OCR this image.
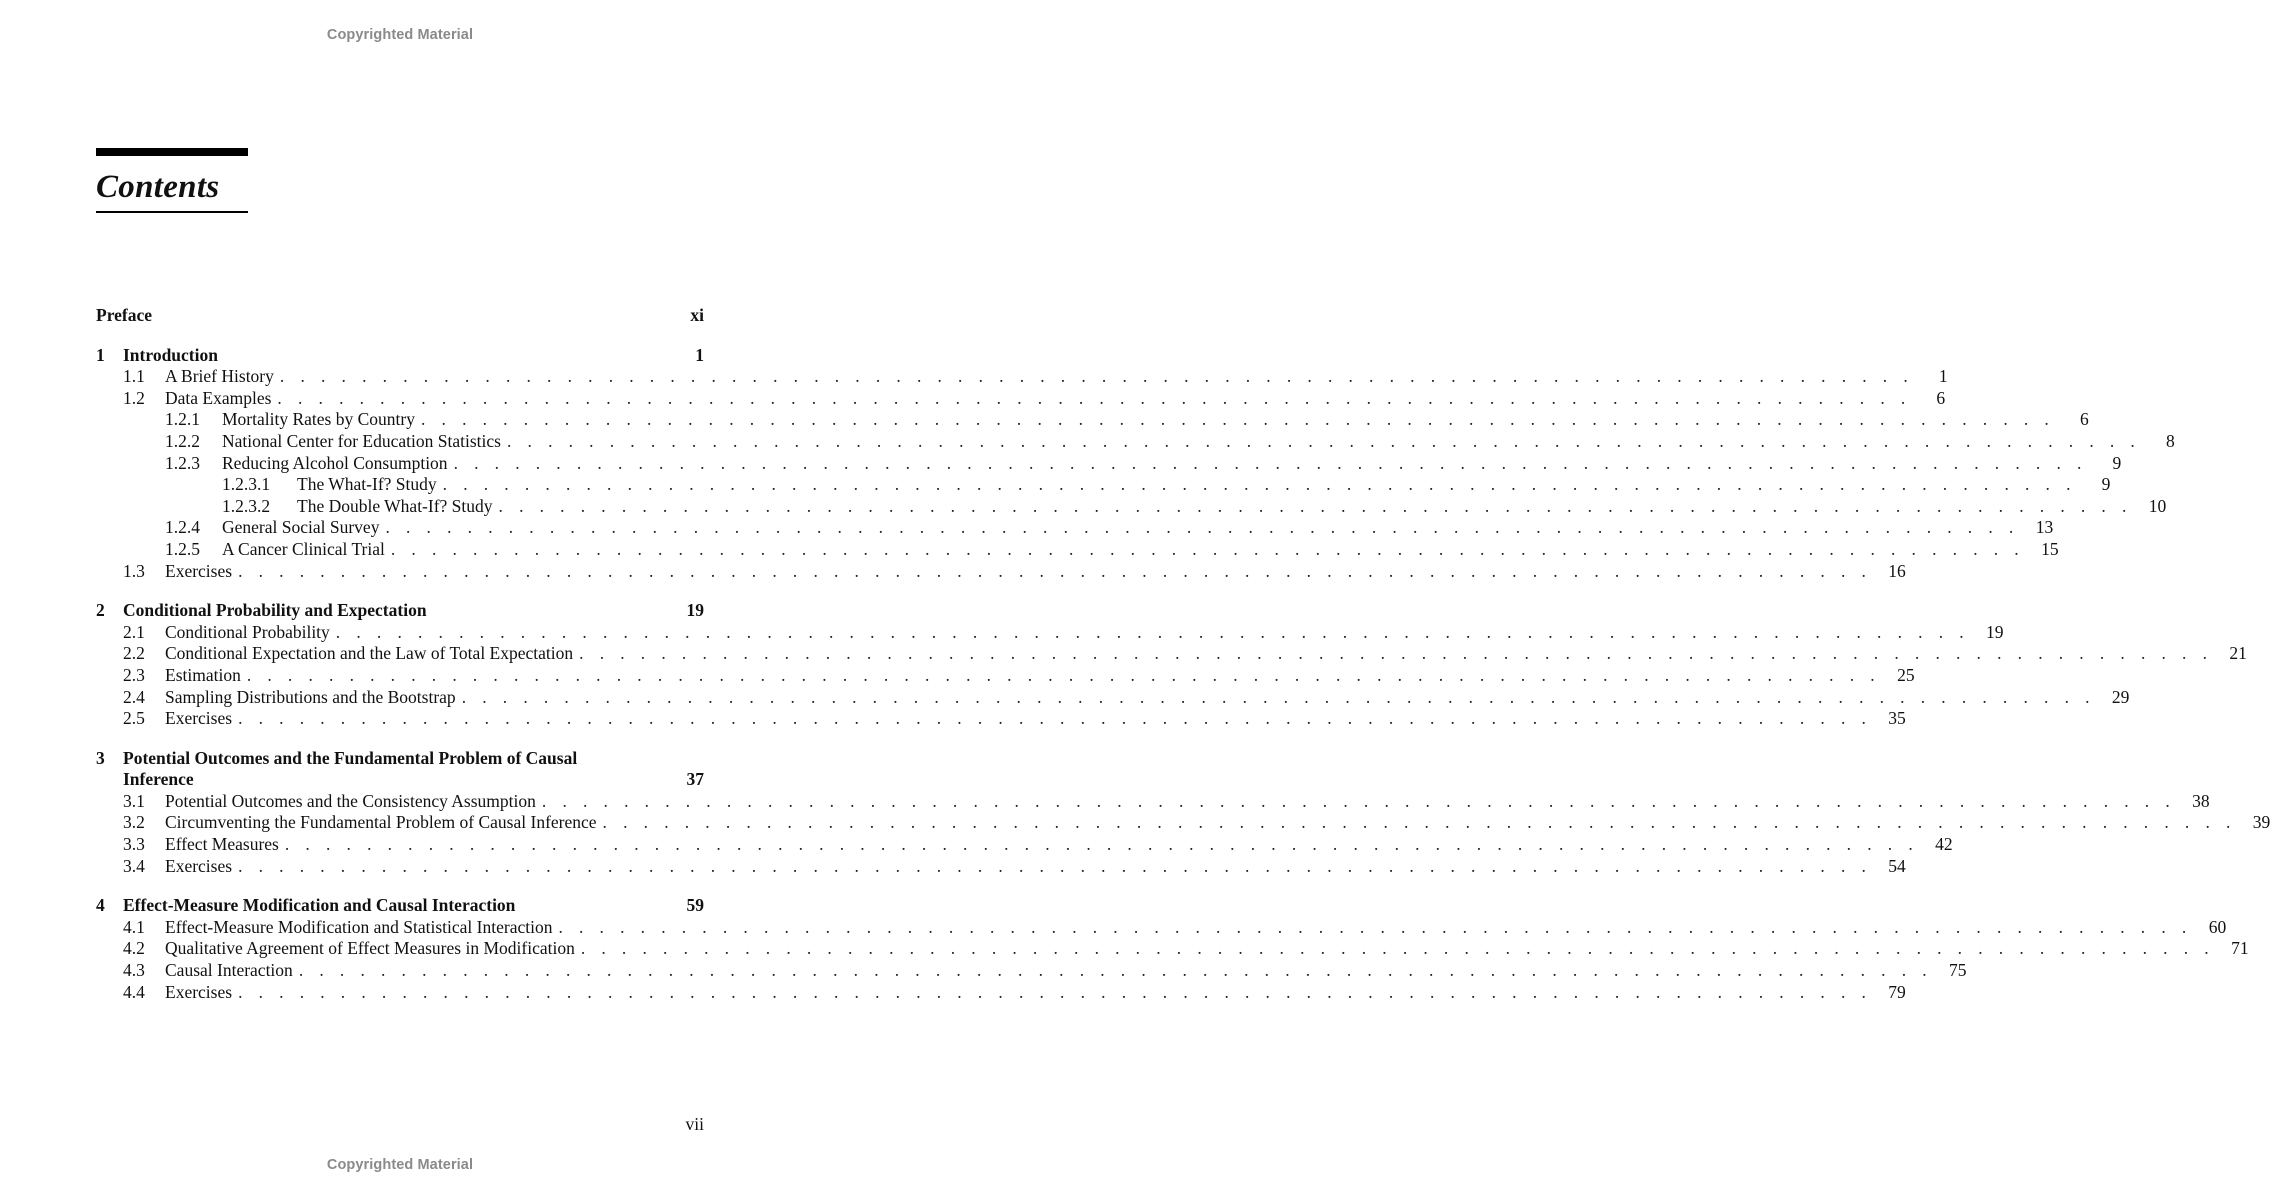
Copyrighted Material
Contents
Preface	xi
1	Introduction	1
1.1	A Brief History . . . . . . . . . . . . . . . . . . . . . . . . . . . . . . . . . . . . . . . . . . . . . . . . . . . . . . . . . . . . . . . . . . . . . . . . . . . . . . . .	1
1.2	Data Examples . . . . . . . . . . . . . . . . . . . . . . . . . . . . . . . . . . . . . . . . . . . . . . . . . . . . . . . . . . . . . . . . . . . . . . . . . . . . . . . .	6
1.2.1	Mortality Rates by Country . . . . . . . . . . . . . . . . . . . . . . . . . . . . . . . . . . . . . . . . . . . . . . . . . . . . . . . . . . . . . . . . . . . . . . . . . . . . . . . .	6
1.2.2	National Center for Education Statistics . . . . . . . . . . . . . . . . . . . . . . . . . . . . . . . . . . . . . . . . . . . . . . . . . . . . . . . . . . . . . . . . . . . . . . . . . . . . . . . .	8
1.2.3	Reducing Alcohol Consumption . . . . . . . . . . . . . . . . . . . . . . . . . . . . . . . . . . . . . . . . . . . . . . . . . . . . . . . . . . . . . . . . . . . . . . . . . . . . . . . .	9
1.2.3.1	The What-If? Study . . . . . . . . . . . . . . . . . . . . . . . . . . . . . . . . . . . . . . . . . . . . . . . . . . . . . . . . . . . . . . . . . . . . . . . . . . . . . . . .	9
1.2.3.2	The Double What-If? Study . . . . . . . . . . . . . . . . . . . . . . . . . . . . . . . . . . . . . . . . . . . . . . . . . . . . . . . . . . . . . . . . . . . . . . . . . . . . . . . . 10
1.2.4	General Social Survey . . . . . . . . . . . . . . . . . . . . . . . . . . . . . . . . . . . . . . . . . . . . . . . . . . . . . . . . . . . . . . . . . . . . . . . . . . . . . . . . 13
1.2.5	A Cancer Clinical Trial . . . . . . . . . . . . . . . . . . . . . . . . . . . . . . . . . . . . . . . . . . . . . . . . . . . . . . . . . . . . . . . . . . . . . . . . . . . . . . . . 15
1.3	Exercises . . . . . . . . . . . . . . . . . . . . . . . . . . . . . . . . . . . . . . . . . . . . . . . . . . . . . . . . . . . . . . . . . . . . . . . . . . . . . . . . 16
2	Conditional Probability and Expectation	19
2.1	Conditional Probability . . . . . . . . . . . . . . . . . . . . . . . . . . . . . . . . . . . . . . . . . . . . . . . . . . . . . . . . . . . . . . . . . . . . . . . . . . . . . . . . 19
2.2	Conditional Expectation and the Law of Total Expectation . . . . . . . . . . . . . . . . . . . . . . . . . . . . . . . . . . . . . . . . . . . . . . . . . . . . . . . . . . . . . . . . . . . . . . . . . . . . . . . . 21
2.3	Estimation . . . . . . . . . . . . . . . . . . . . . . . . . . . . . . . . . . . . . . . . . . . . . . . . . . . . . . . . . . . . . . . . . . . . . . . . . . . . . . . . 25
2.4	Sampling Distributions and the Bootstrap . . . . . . . . . . . . . . . . . . . . . . . . . . . . . . . . . . . . . . . . . . . . . . . . . . . . . . . . . . . . . . . . . . . . . . . . . . . . . . . . 29
2.5	Exercises . . . . . . . . . . . . . . . . . . . . . . . . . . . . . . . . . . . . . . . . . . . . . . . . . . . . . . . . . . . . . . . . . . . . . . . . . . . . . . . . 35
3	Potential Outcomes and the Fundamental Problem of Causal
Inference	37
3.1	Potential Outcomes and the Consistency Assumption . . . . . . . . . . . . . . . . . . . . . . . . . . . . . . . . . . . . . . . . . . . . . . . . . . . . . . . . . . . . . . . . . . . . . . . . . . . . . . . . 38
3.2	Circumventing the Fundamental Problem of Causal Inference . . . . . . . . . . . . . . . . . . . . . . . . . . . . . . . . . . . . . . . . . . . . . . . . . . . . . . . . . . . . . . . . . . . . . . . . . . . . . . . . 39
3.3	Effect Measures . . . . . . . . . . . . . . . . . . . . . . . . . . . . . . . . . . . . . . . . . . . . . . . . . . . . . . . . . . . . . . . . . . . . . . . . . . . . . . . . 42
3.4	Exercises . . . . . . . . . . . . . . . . . . . . . . . . . . . . . . . . . . . . . . . . . . . . . . . . . . . . . . . . . . . . . . . . . . . . . . . . . . . . . . . . 54
4	Effect-Measure Modification and Causal Interaction	59
4.1	Effect-Measure Modification and Statistical Interaction . . . . . . . . . . . . . . . . . . . . . . . . . . . . . . . . . . . . . . . . . . . . . . . . . . . . . . . . . . . . . . . . . . . . . . . . . . . . . . . . 60
4.2	Qualitative Agreement of Effect Measures in Modification . . . . . . . . . . . . . . . . . . . . . . . . . . . . . . . . . . . . . . . . . . . . . . . . . . . . . . . . . . . . . . . . . . . . . . . . . . . . . . . . 71
4.3	Causal Interaction . . . . . . . . . . . . . . . . . . . . . . . . . . . . . . . . . . . . . . . . . . . . . . . . . . . . . . . . . . . . . . . . . . . . . . . . . . . . . . . . 75
4.4	Exercises . . . . . . . . . . . . . . . . . . . . . . . . . . . . . . . . . . . . . . . . . . . . . . . . . . . . . . . . . . . . . . . . . . . . . . . . . . . . . . . . 79
vii
Copyrighted Material
